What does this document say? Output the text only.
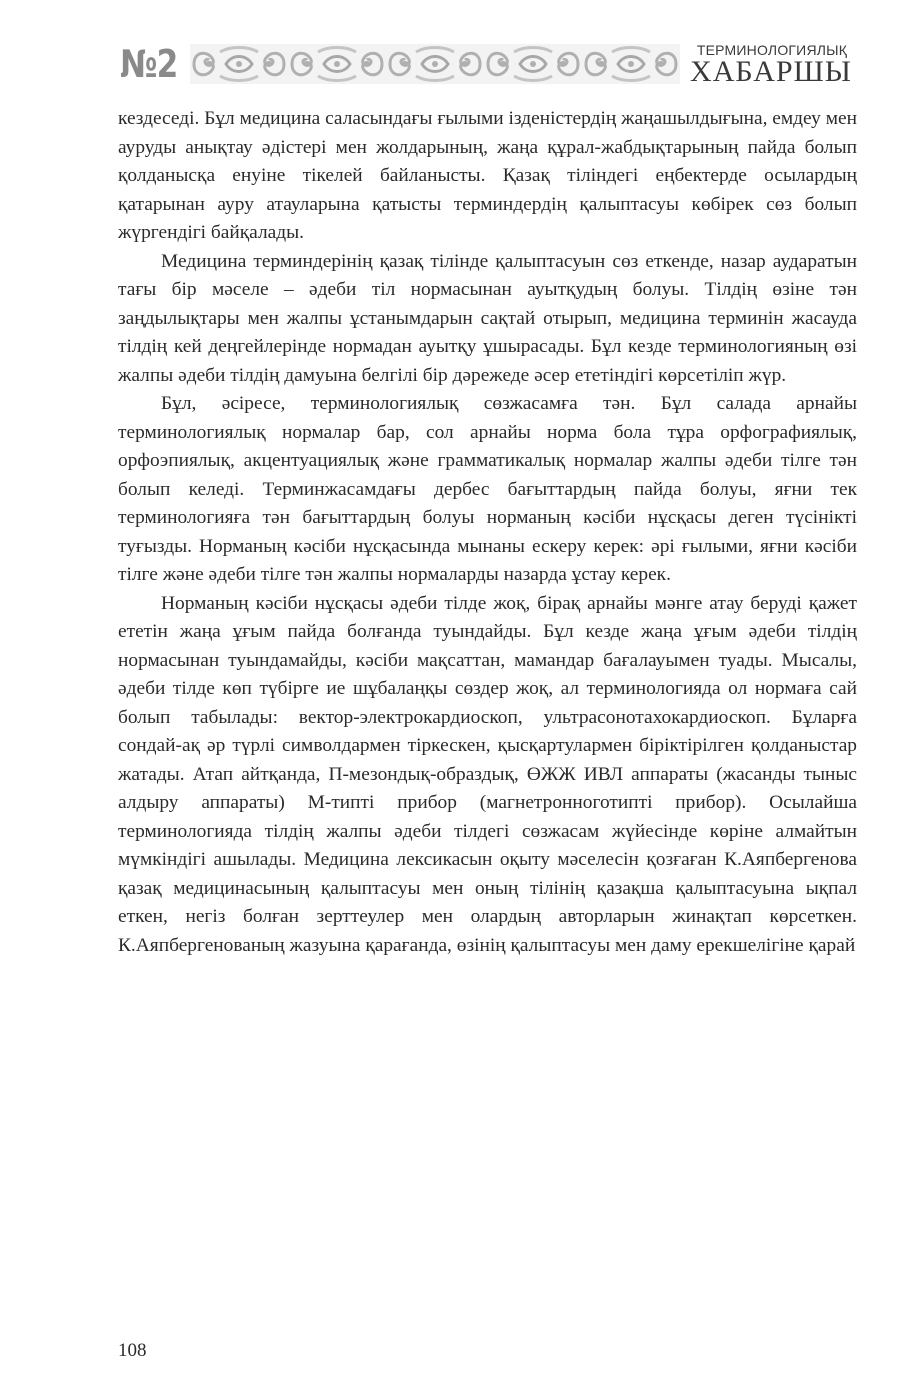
№2	ТЕРМИНОЛОГИЯЛЫҚ
ХАБАРШЫ

кездеседі. Бұл медицина саласындағы ғылыми ізденістердің жаңашылдығына, емдеу мен ауруды анықтау әдістері мен жолдарының, жаңа құрал-жабдықтарының пайда болып қолданысқа енуіне тікелей байланысты. Қазақ тіліндегі еңбектерде осылардың қатарынан ауру атауларына қатысты терминдердің қалыптасуы көбірек сөз болып жүргендігі байқалады.

Медицина терминдерінің қазақ тілінде қалыптасуын сөз еткенде, назар аударатын тағы бір мәселе – әдеби тіл нормасынан ауытқудың болуы. Тілдің өзіне тән заңдылықтары мен жалпы ұстанымдарын сақтай отырып, медицина терминін жасауда тілдің кей деңгейлерінде нормадан ауытқу ұшырасады. Бұл кезде терминологияның өзі жалпы әдеби тілдің дамуына белгілі бір дәрежеде әсер ететіндігі көрсетіліп жүр.

Бұл, әсіресе, терминологиялық сөзжасамға тән. Бұл салада арнайы терминологиялық нормалар бар, сол арнайы норма бола тұра орфографиялық, орфоэпиялық, акцентуациялық және грамматикалық нормалар жалпы әдеби тілге тән болып келеді. Терминжасамдағы дербес бағыттардың пайда болуы, яғни тек терминологияға тән бағыттардың болуы норманың кәсіби нұсқасы деген түсінікті туғызды. Норманың кәсіби нұсқасында мынаны ескеру керек: әрі ғылыми, яғни кәсіби тілге және әдеби тілге тән жалпы нормаларды назарда ұстау керек.

Норманың кәсіби нұсқасы әдеби тілде жоқ, бірақ арнайы мәнге атау беруді қажет ететін жаңа ұғым пайда болғанда туындайды. Бұл кезде жаңа ұғым әдеби тілдің нормасынан туындамайды, кәсіби мақсаттан, мамандар бағалауымен туады. Мысалы, әдеби тілде көп түбірге ие шұбалаңқы сөздер жоқ, ал терминологияда ол нормаға сай болып табылады: вектор-электрокардиоскоп, ультрасонотахокардиоскоп. Бұларға сондай-ақ әр түрлі символдармен тіркескен, қысқартулармен біріктірілген қолданыстар жатады. Атап айтқанда, П-мезондық-образдық, ӨЖЖ ИВЛ аппараты (жасанды тыныс алдыру аппараты) М-типті прибор (магнетронноготипті прибор). Осылайша терминологияда тілдің жалпы әдеби тілдегі сөзжасам жүйесінде көріне алмайтын мүмкіндігі ашылады. Медицина лексикасын оқыту мәселесін қозғаған К.Аяпбергенова қазақ медицинасының қалыптасуы мен оның тілінің қазақша қалыптасуына ықпал еткен, негіз болған зерттеулер мен олардың авторларын жинақтап көрсеткен. К.Аяпбергенованың жазуына қарағанда, өзінің қалыптасуы мен даму ерекшелігіне қарай

108
